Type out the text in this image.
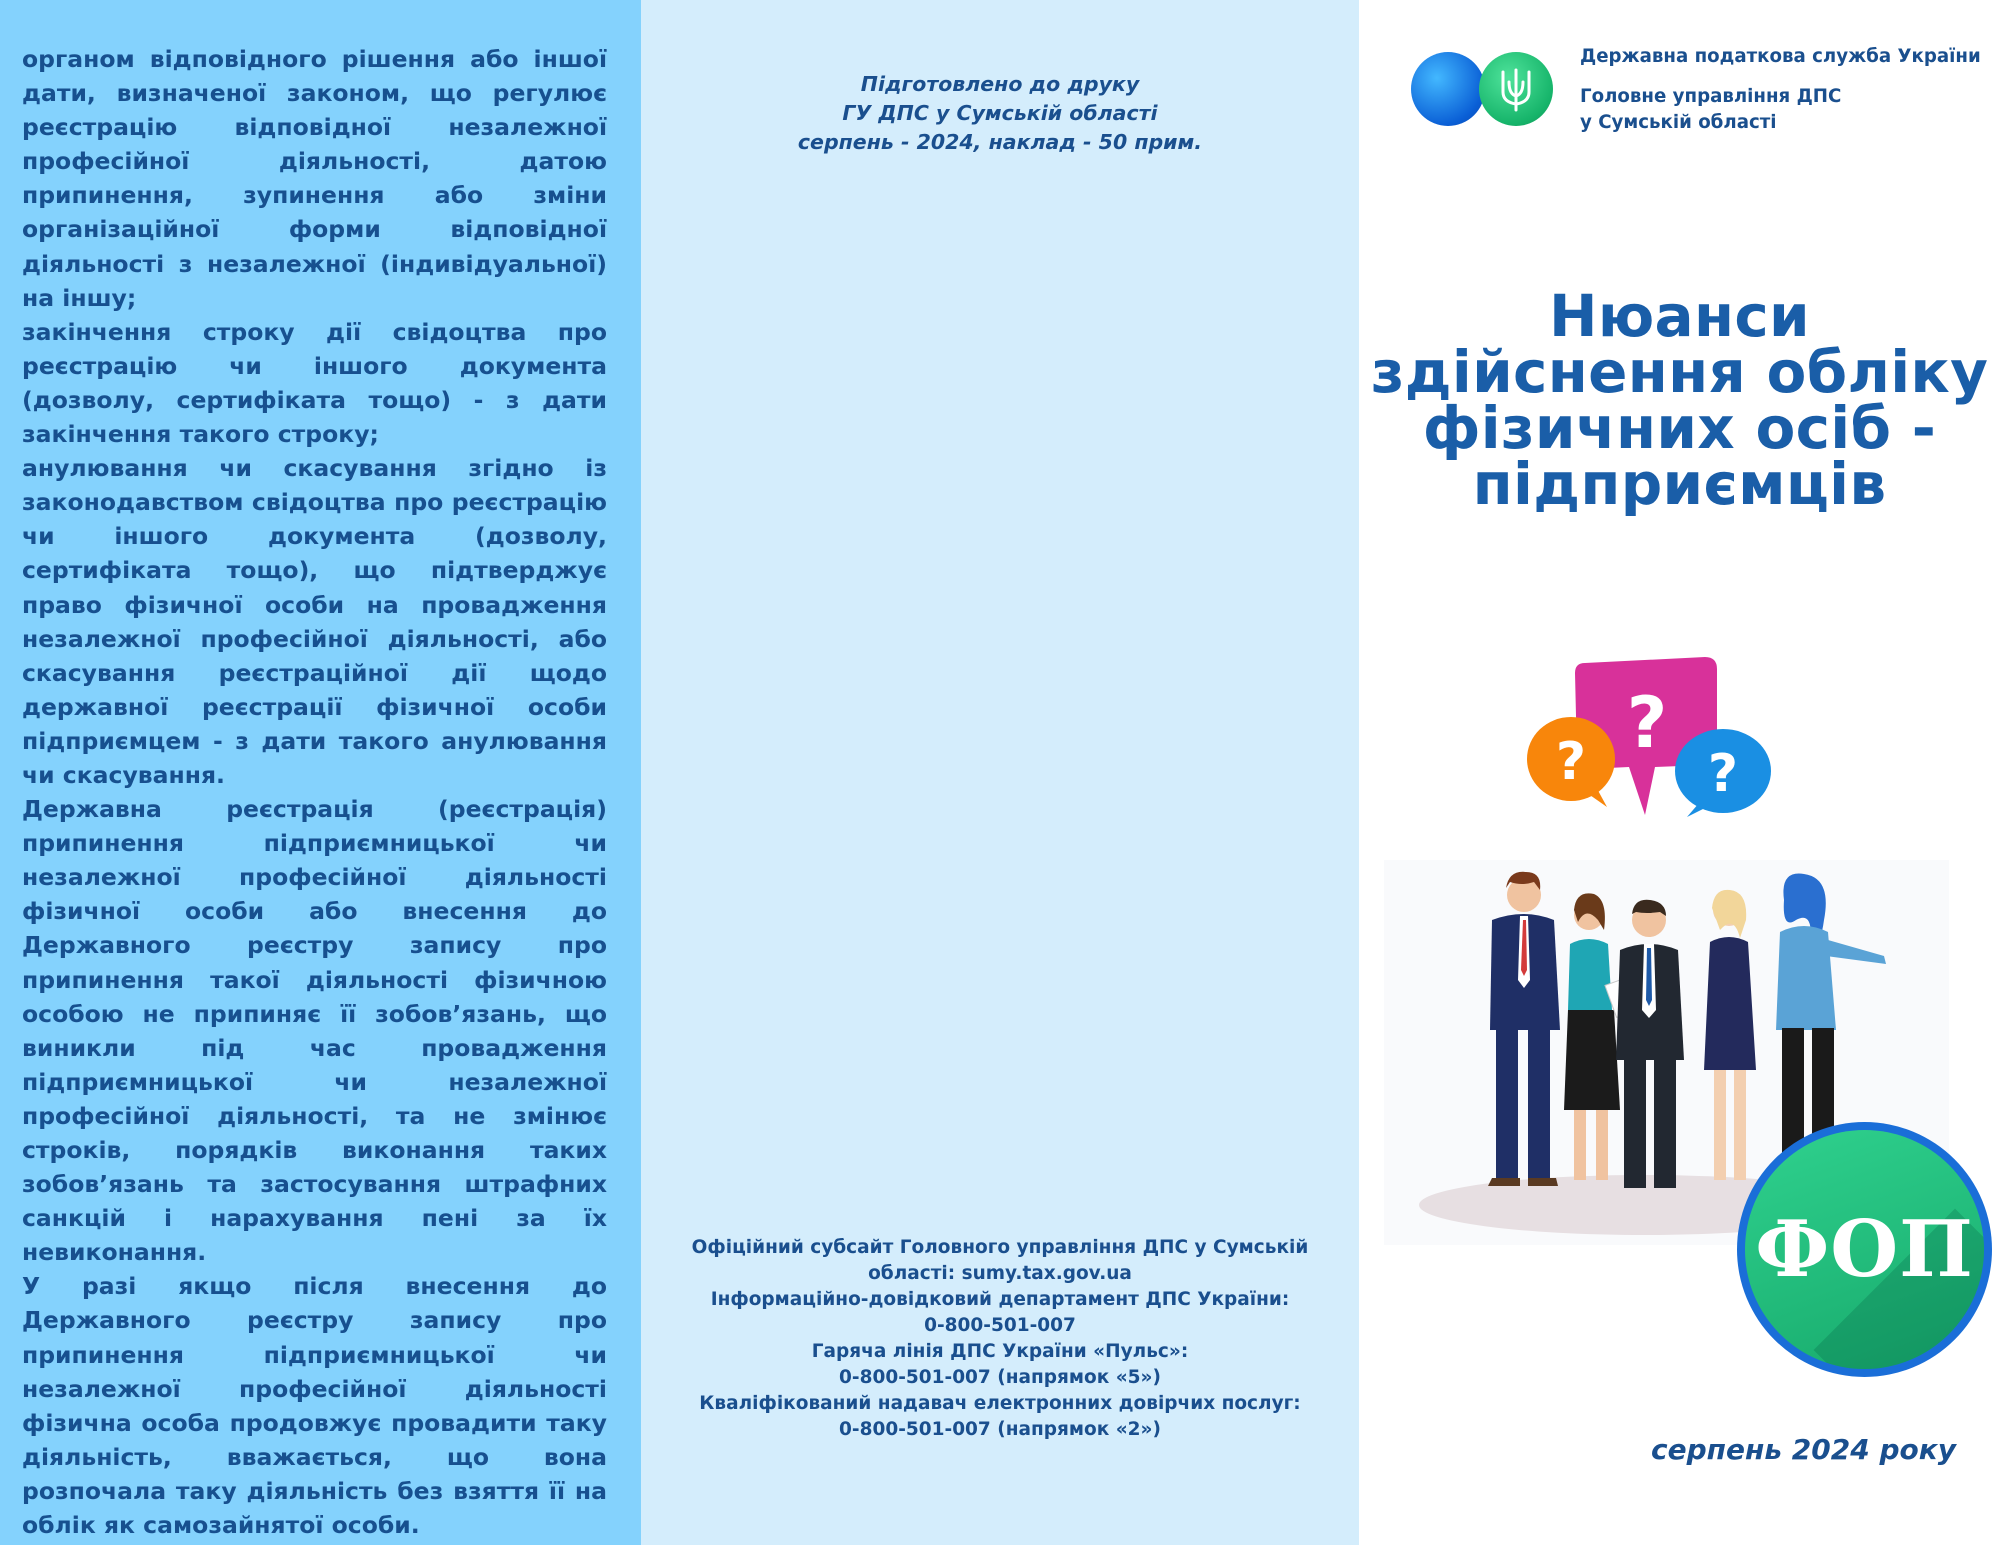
органом відповідного рішення або іншої дати, визначеної законом, що регулює реєстрацію відповідної незалежної професійної діяльності, датою припинення, зупинення або зміни організаційної форми відповідної діяльності з незалежної (індивідуальної) на іншу;

закінчення строку дії свідоцтва про реєстрацію чи іншого документа (дозволу, сертифіката тощо) - з дати закінчення такого строку;

анулювання чи скасування згідно із законодавством свідоцтва про реєстрацію чи іншого документа (дозволу, сертифіката тощо), що підтверджує право фізичної особи на провадження незалежної професійної діяльності, або скасування реєстраційної дії щодо державної реєстрації фізичної особи підприємцем - з дати такого анулювання чи скасування.

Державна реєстрація (реєстрація) припинення підприємницької чи незалежної професійної діяльності фізичної особи або внесення до Державного реєстру запису про припинення такої діяльності фізичною особою не припиняє її зобов’язань, що виникли під час провадження підприємницької чи незалежної професійної діяльності, та не змінює строків, порядків виконання таких зобов’язань та застосування штрафних санкцій і нарахування пені за їх невиконання.

У разі якщо після внесення до Державного реєстру запису про припинення підприємницької чи незалежної професійної діяльності фізична особа продовжує провадити таку діяльність, вважається, що вона розпочала таку діяльність без взяття її на облік як самозайнятої особи.

Підготовлено до друку
ГУ ДПС у Сумській області
серпень - 2024, наклад - 50 прим.
Офіційний субсайт Головного управління ДПС у Сумській
області: sumy.tax.gov.ua
Інформаційно-довідковий департамент ДПС України:
0-800-501-007
Гаряча лінія ДПС України «Пульс»:
0-800-501-007 (напрямок «5»)
Кваліфікований надавач електронних довірчих послуг:
0-800-501-007 (напрямок «2»)
Державна податкова служба України
Головне управління ДПС
у Сумській області
Нюанси
здійснення обліку
фізичних осіб -
підприємців
?
? ?
ФОП
серпень 2024 року
